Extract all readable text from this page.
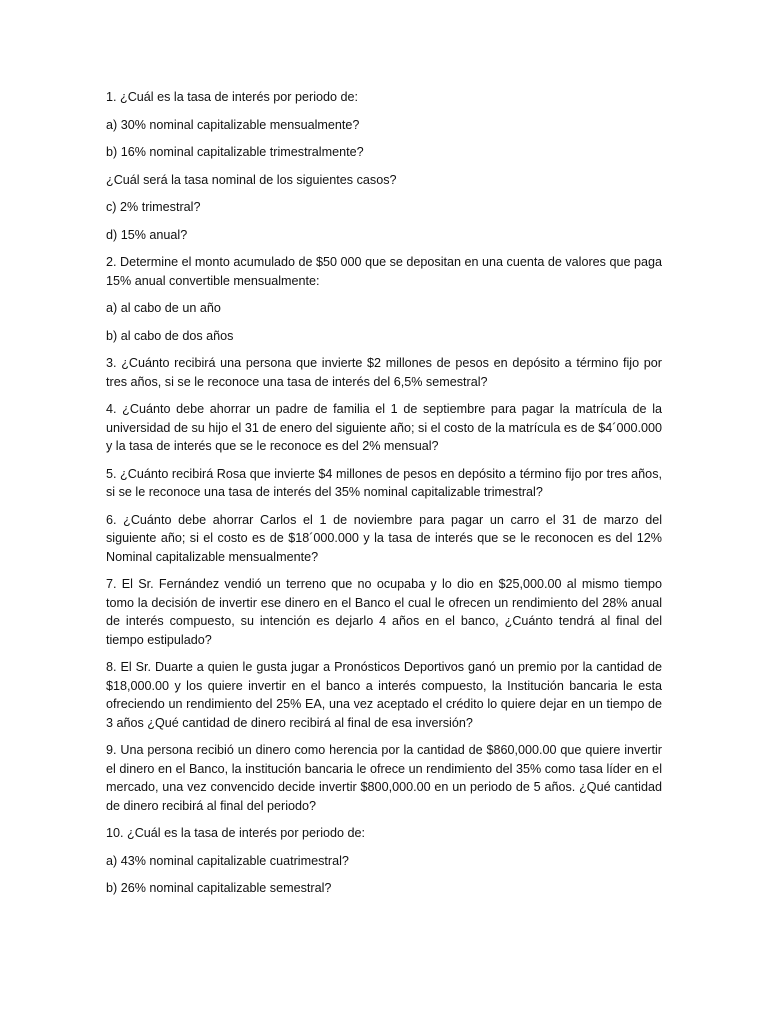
1. ¿Cuál es la tasa de interés por periodo de:

a) 30% nominal capitalizable mensualmente?

b) 16% nominal capitalizable trimestralmente?

¿Cuál será la tasa nominal de los siguientes casos?

c) 2% trimestral?

d) 15% anual?

2. Determine el monto acumulado de $50 000 que se depositan en una cuenta de valores que paga 15% anual convertible mensualmente:

a) al cabo de un año

b) al cabo de dos años

3. ¿Cuánto recibirá una persona que invierte $2 millones de pesos en depósito a término fijo por tres años, si se le reconoce una tasa de interés del 6,5% semestral?

4. ¿Cuánto debe ahorrar un padre de familia el 1 de septiembre para pagar la matrícula de la universidad de su hijo el 31 de enero del siguiente año; si el costo de la matrícula es de $4´000.000 y la tasa de interés que se le reconoce es del 2% mensual?

5. ¿Cuánto recibirá Rosa que invierte $4 millones de pesos en depósito a término fijo por tres años, si se le reconoce una tasa de interés del 35% nominal capitalizable trimestral?

6. ¿Cuánto debe ahorrar Carlos el 1 de noviembre para pagar un carro el 31 de marzo del siguiente año; si el costo es de $18´000.000 y la tasa de interés que se le reconocen es del 12% Nominal capitalizable mensualmente?

7. El Sr. Fernández vendió un terreno que no ocupaba y lo dio en $25,000.00 al mismo tiempo tomo la decisión de invertir ese dinero en el Banco el cual le ofrecen un rendimiento del 28% anual de interés compuesto, su intención es dejarlo 4 años en el banco, ¿Cuánto tendrá al final del tiempo estipulado?

8. El Sr. Duarte a quien le gusta jugar a Pronósticos Deportivos ganó un premio por la cantidad de $18,000.00 y los quiere invertir en el banco a interés compuesto, la Institución bancaria le esta ofreciendo un rendimiento del 25% EA, una vez aceptado el crédito lo quiere dejar en un tiempo de 3 años ¿Qué cantidad de dinero recibirá al final de esa inversión?

9. Una persona recibió un dinero como herencia por la cantidad de $860,000.00 que quiere invertir el dinero en el Banco, la institución bancaria le ofrece un rendimiento del 35% como tasa líder en el mercado, una vez convencido decide invertir $800,000.00 en un periodo de 5 años. ¿Qué cantidad de dinero recibirá al final del periodo?

10. ¿Cuál es la tasa de interés por periodo de:

a) 43% nominal capitalizable cuatrimestral?

b) 26% nominal capitalizable semestral?
